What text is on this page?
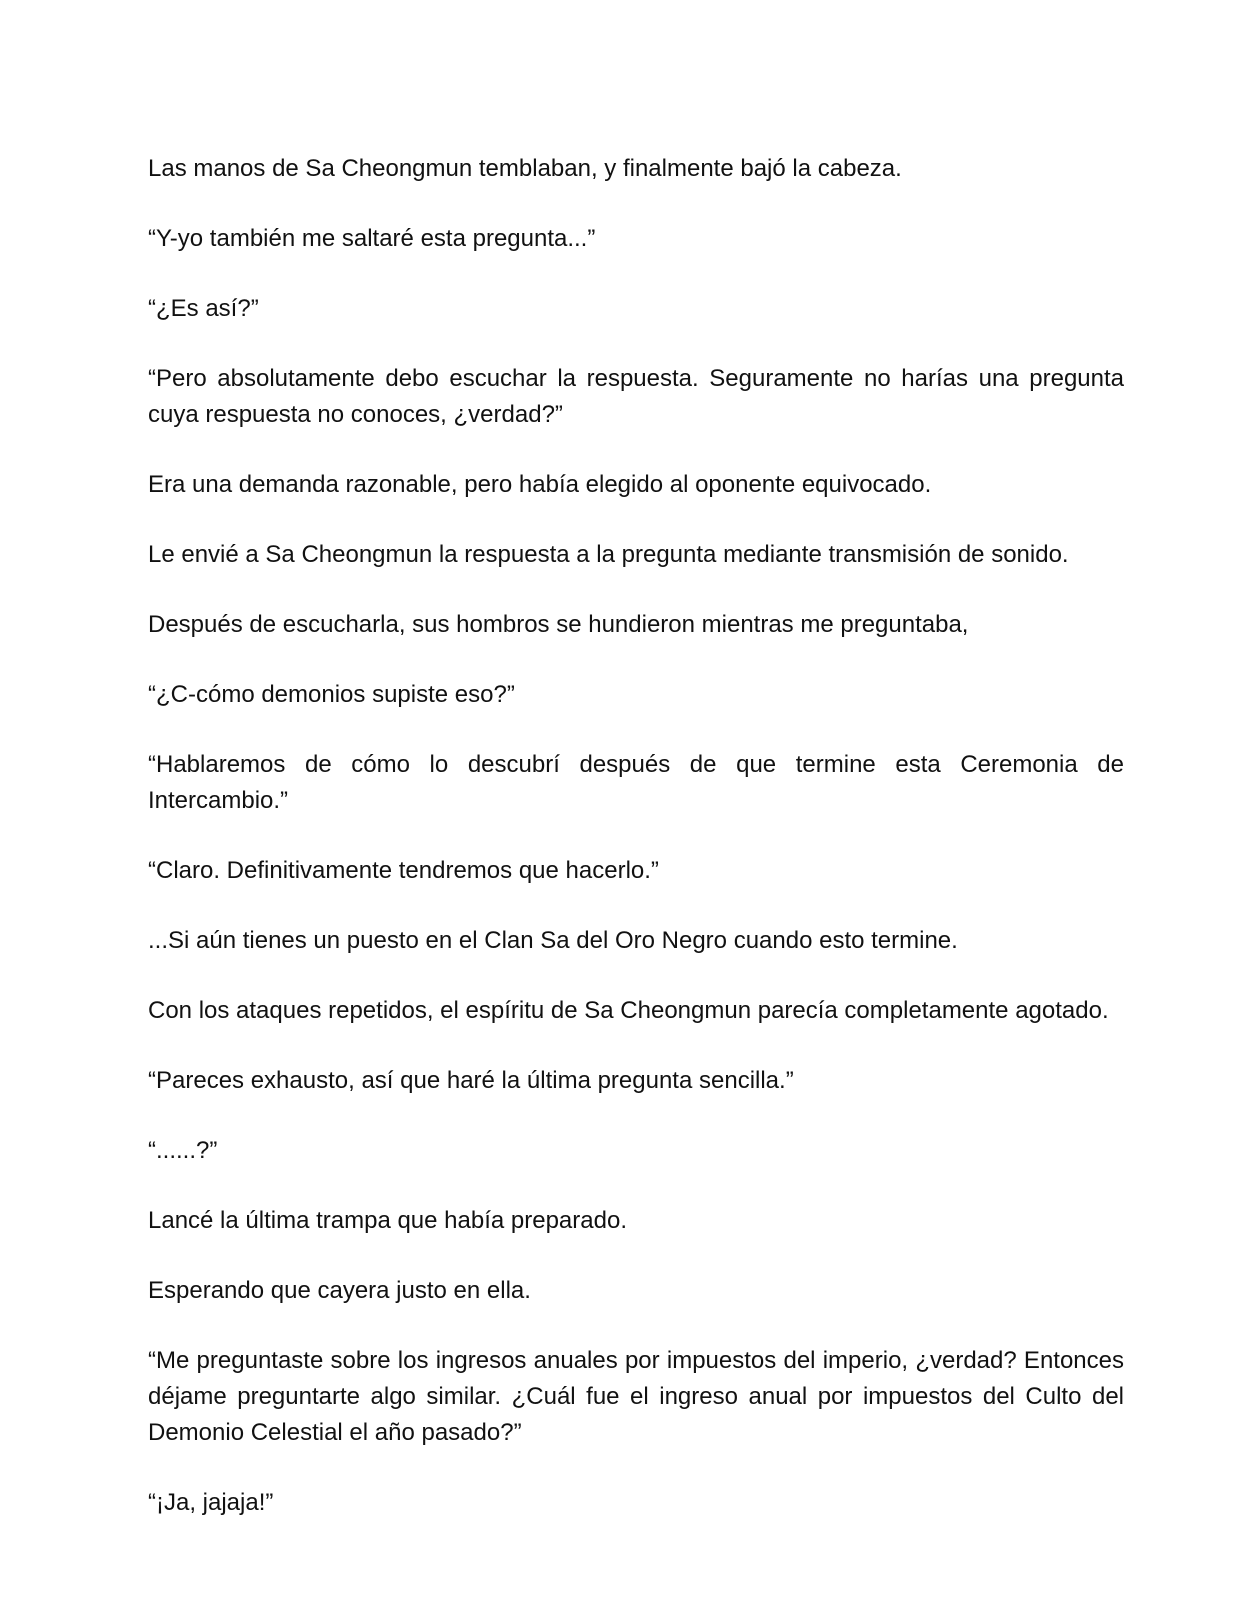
Las manos de Sa Cheongmun temblaban, y finalmente bajó la cabeza.

“Y-yo también me saltaré esta pregunta...”

“¿Es así?”

“Pero absolutamente debo escuchar la respuesta. Seguramente no harías una pregunta cuya respuesta no conoces, ¿verdad?”

Era una demanda razonable, pero había elegido al oponente equivocado.

Le envié a Sa Cheongmun la respuesta a la pregunta mediante transmisión de sonido.

Después de escucharla, sus hombros se hundieron mientras me preguntaba,

“¿C-cómo demonios supiste eso?”

“Hablaremos de cómo lo descubrí después de que termine esta Ceremonia de Intercambio.”

“Claro. Definitivamente tendremos que hacerlo.”

...Si aún tienes un puesto en el Clan Sa del Oro Negro cuando esto termine.

Con los ataques repetidos, el espíritu de Sa Cheongmun parecía completamente agotado.

“Pareces exhausto, así que haré la última pregunta sencilla.”

“......?”

Lancé la última trampa que había preparado.

Esperando que cayera justo en ella.

“Me preguntaste sobre los ingresos anuales por impuestos del imperio, ¿verdad? Entonces déjame preguntarte algo similar. ¿Cuál fue el ingreso anual por impuestos del Culto del Demonio Celestial el año pasado?”

“¡Ja, jajaja!”
